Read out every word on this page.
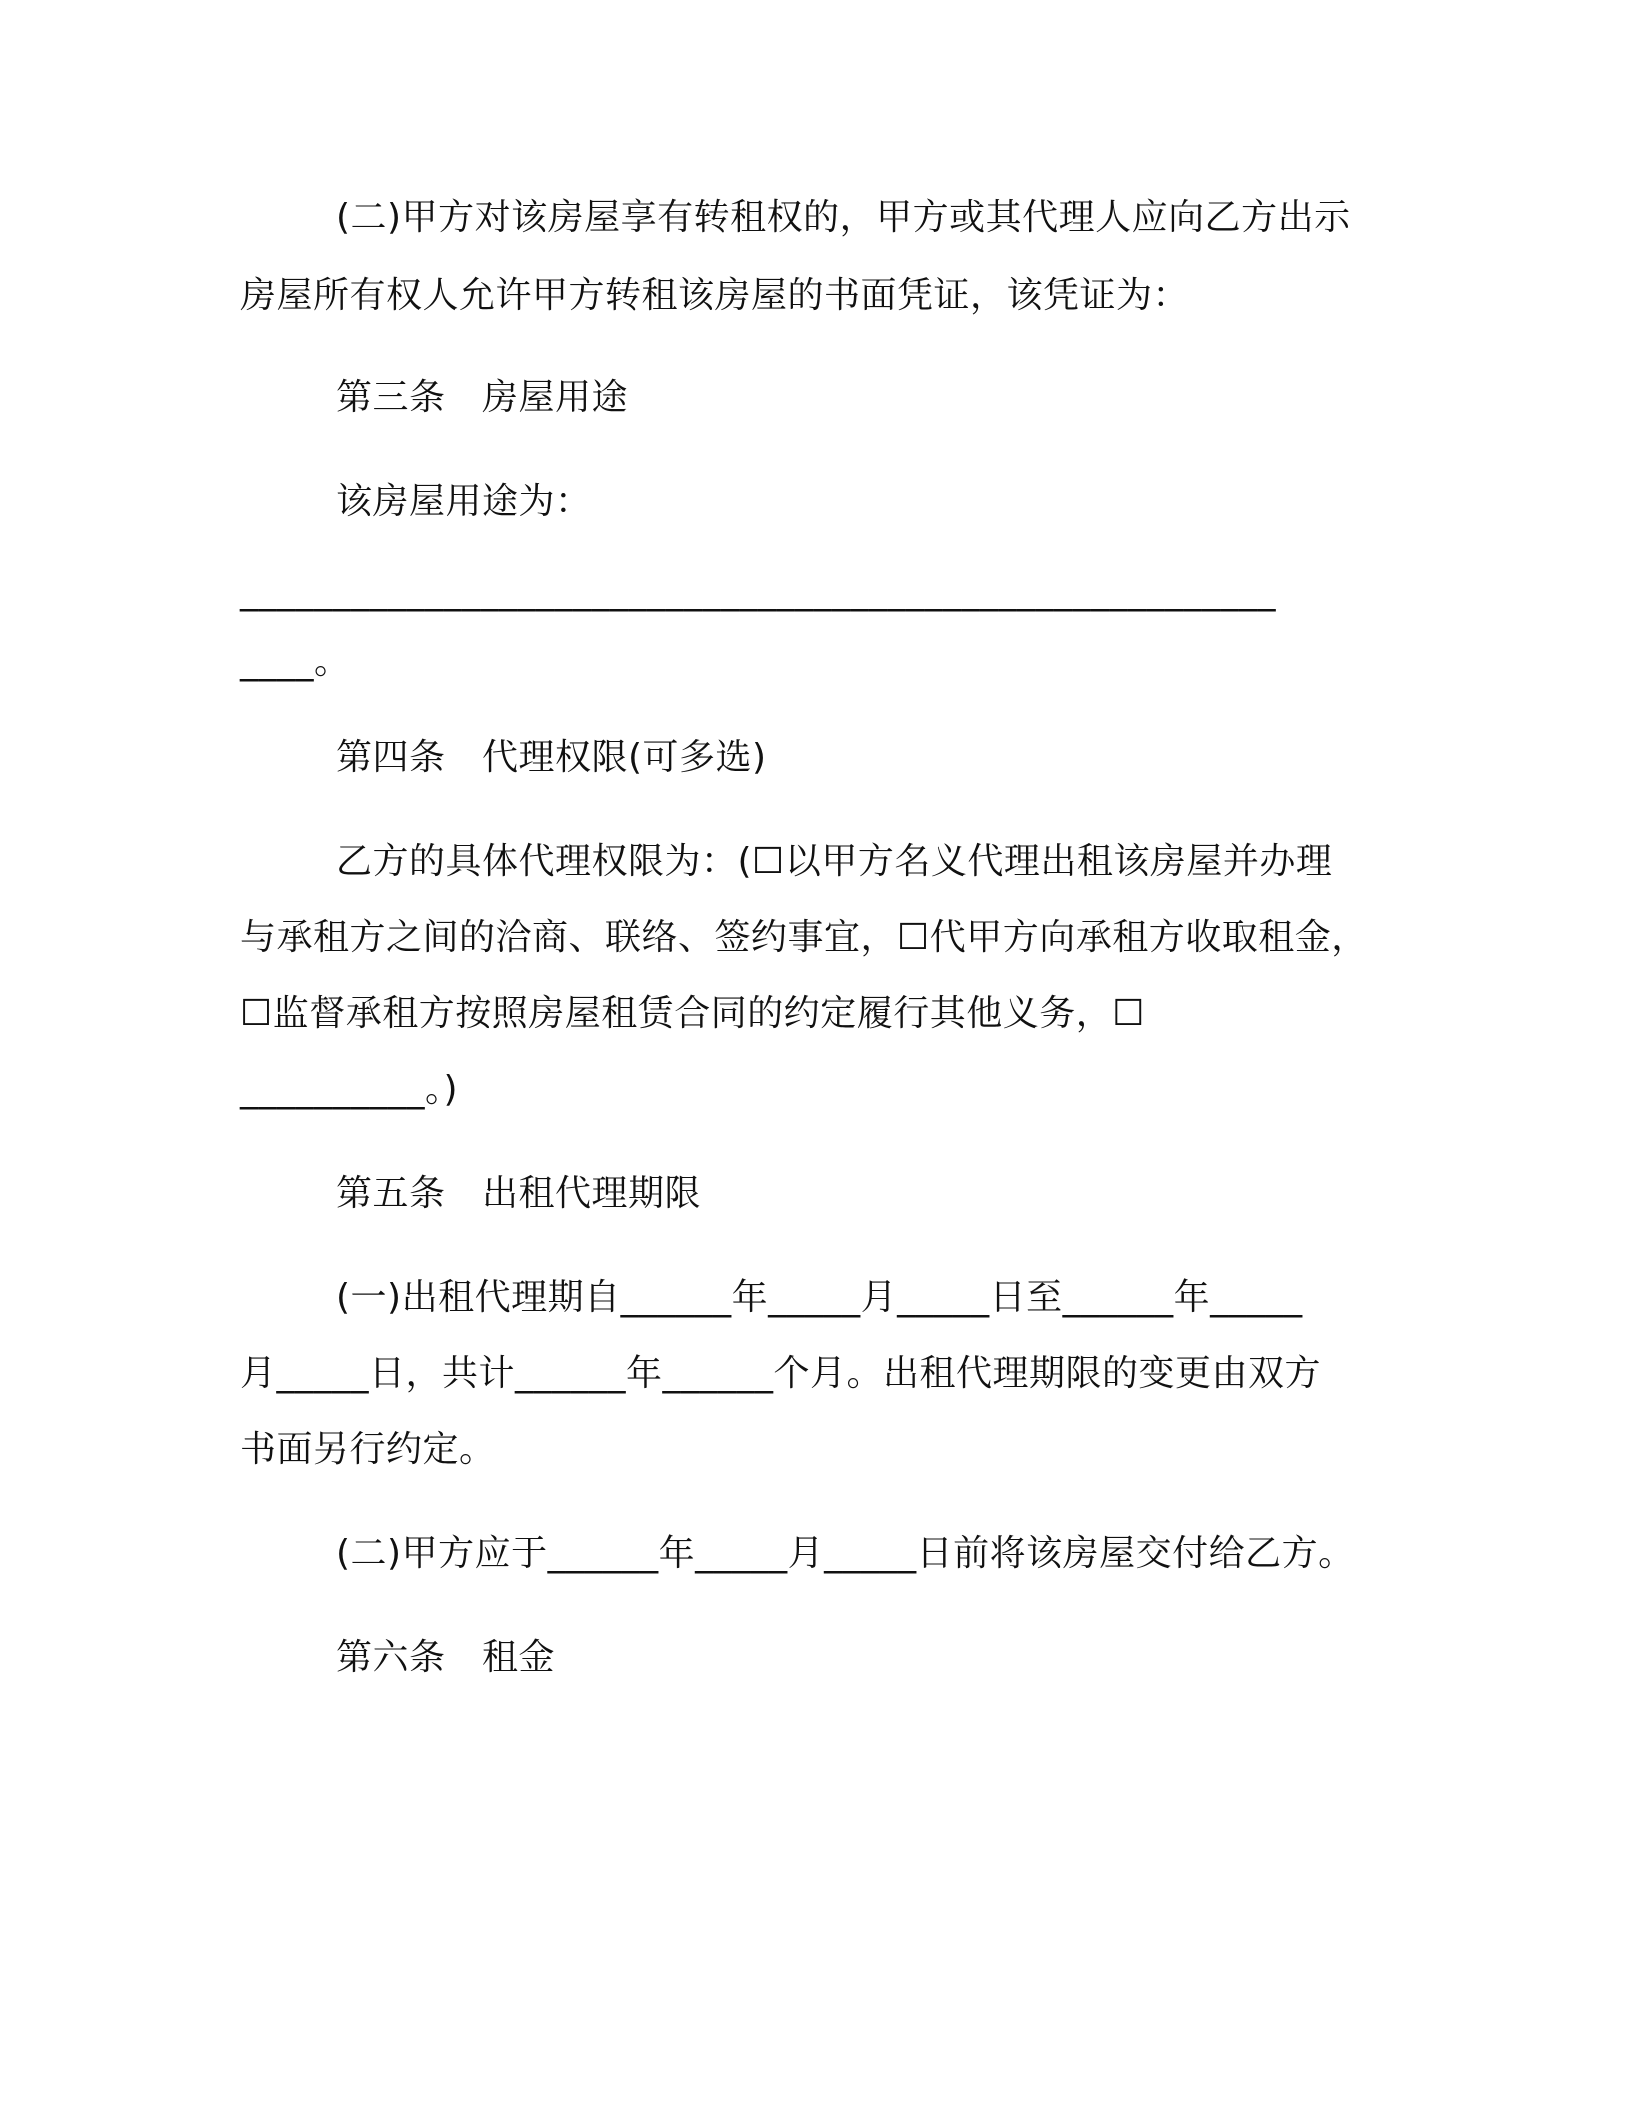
(二)甲方对该房屋享有转租权的，甲方或其代理人应向乙方出示
房屋所有权人允许甲方转租该房屋的书面凭证，该凭证为：
第三条　房屋用途
该房屋用途为：
________________________________________________________
____。
第四条　代理权限(可多选)
乙方的具体代理权限为：(☐以甲方名义代理出租该房屋并办理
与承租方之间的洽商、联络、签约事宜，☐代甲方向承租方收取租金，
☐监督承租方按照房屋租赁合同的约定履行其他义务，☐
__________。)
第五条　出租代理期限
(一)出租代理期自______年_____月_____日至______年_____
月_____日，共计______年______个月。出租代理期限的变更由双方
书面另行约定。
(二)甲方应于______年_____月_____日前将该房屋交付给乙方。
第六条　租金
